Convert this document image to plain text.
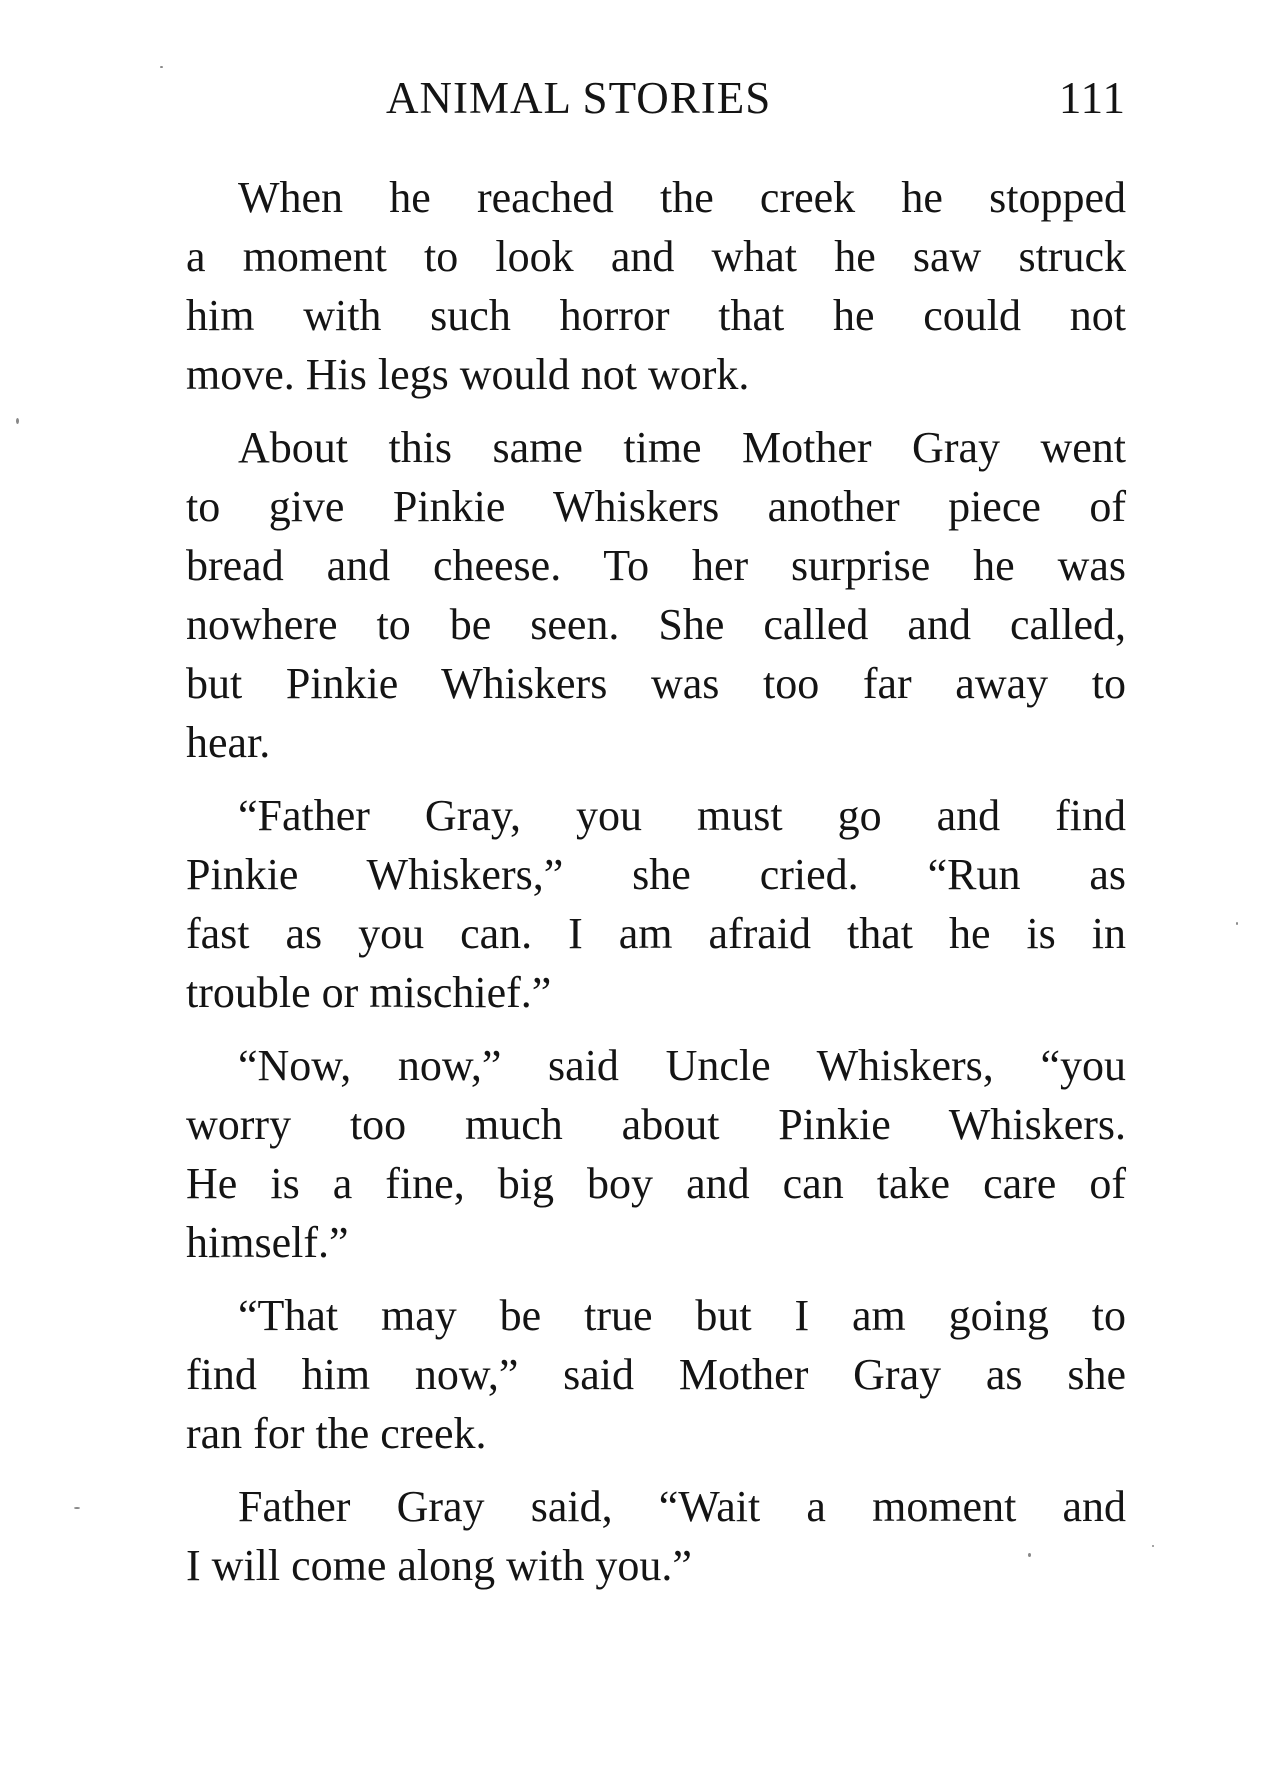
ANIMAL STORIES	111
When he reached the creek he stopped
a moment to look and what he saw struck
him with such horror that he could not
move. His legs would not work.
About this same time Mother Gray went
to give Pinkie Whiskers another piece of
bread and cheese. To her surprise he was
nowhere to be seen. She called and called,
but Pinkie Whiskers was too far away to
hear.
“Father Gray, you must go and find
Pinkie Whiskers,” she cried. “Run as
fast as you can. I am afraid that he is in
trouble or mischief.”
“Now, now,” said Uncle Whiskers, “you
worry too much about Pinkie Whiskers.
He is a fine, big boy and can take care of
himself.”
“That may be true but I am going to
find him now,” said Mother Gray as she
ran for the creek.
Father Gray said, “Wait a moment and
I will come along with you.”
